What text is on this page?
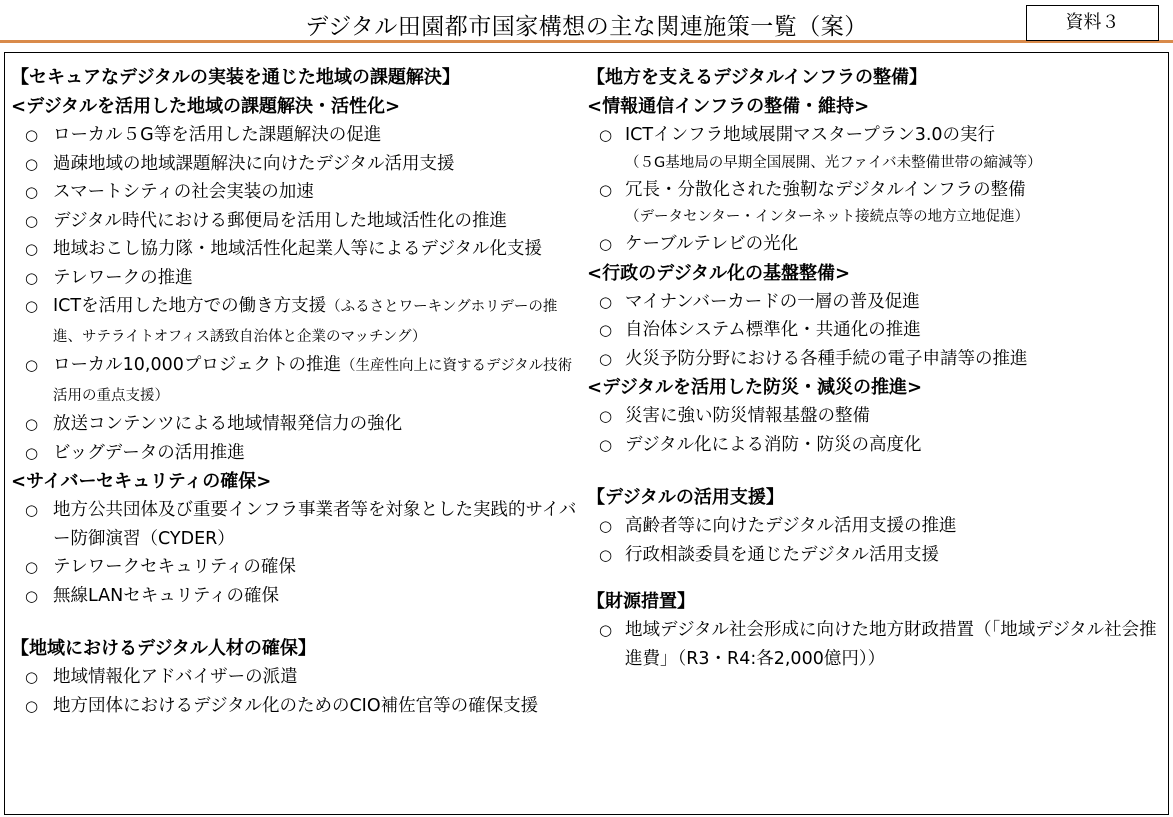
デジタル田園都市国家構想の主な関連施策一覧（案）	資料３
【セキュアなデジタルの実装を通じた地域の課題解決】
<デジタルを活用した地域の課題解決・活性化>
○ ローカル５G等を活用した課題解決の促進
○ 過疎地域の地域課題解決に向けたデジタル活用支援
○ スマートシティの社会実装の加速
○ デジタル時代における郵便局を活用した地域活性化の推進
○ 地域おこし協力隊・地域活性化起業人等によるデジタル化支援
○ テレワークの推進
○ ICTを活用した地方での働き方支援（ふるさとワーキングホリデーの推進、サテライトオフィス誘致自治体と企業のマッチング）
○ ローカル10,000プロジェクトの推進（生産性向上に資するデジタル技術活用の重点支援）
○ 放送コンテンツによる地域情報発信力の強化
○ ビッグデータの活用推進
<サイバーセキュリティの確保>
○ 地方公共団体及び重要インフラ事業者等を対象とした実践的サイバー防御演習（CYDER）
○ テレワークセキュリティの確保
○ 無線LANセキュリティの確保
【地域におけるデジタル人材の確保】
○ 地域情報化アドバイザーの派遣
○ 地方団体におけるデジタル化のためのCIO補佐官等の確保支援
【地方を支えるデジタルインフラの整備】
<情報通信インフラの整備・維持>
○ ICTインフラ地域展開マスタープラン3.0の実行
（５G基地局の早期全国展開、光ファイバ未整備世帯の縮減等）
○ 冗長・分散化された強靭なデジタルインフラの整備
（データセンター・インターネット接続点等の地方立地促進）
○ ケーブルテレビの光化
<行政のデジタル化の基盤整備>
○ マイナンバーカードの一層の普及促進
○ 自治体システム標準化・共通化の推進
○ 火災予防分野における各種手続の電子申請等の推進
<デジタルを活用した防災・減災の推進>
○ 災害に強い防災情報基盤の整備
○ デジタル化による消防・防災の高度化
【デジタルの活用支援】
○ 高齢者等に向けたデジタル活用支援の推進
○ 行政相談委員を通じたデジタル活用支援
【財源措置】
○ 地域デジタル社会形成に向けた地方財政措置（「地域デジタル社会推進費」（R3・R4:各2,000億円））
